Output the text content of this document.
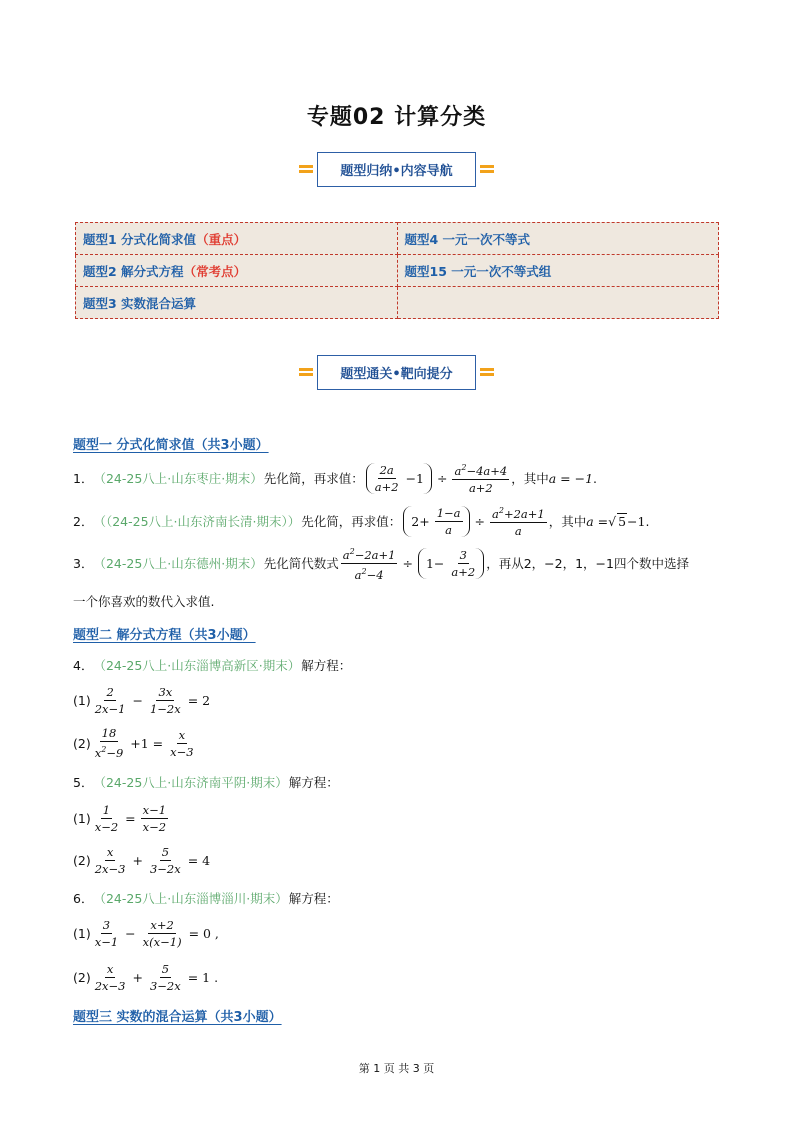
专题02 计算分类
题型归纳•内容导航
题型1 分式化简求值（重点）	题型4 一元一次不等式
题型2 解分式方程（常考点）	题型15 一元一次不等式组
题型3 实数混合运算	
题型通关•靶向提分
题型一 分式化简求值（共3小题）
1． （24-25八上·山东枣庄·期末） 先化简，再求值： $\frac{2a}{a+2} -1 \div \frac{a^2-4a+4}{a+2}$ ，其中 a = −1 .
2． （（24-25八上·山东济南长清·期末）） 先化简，再求值： $2+ \frac{1-a}{a} \div \frac{a^2+2a+1}{a}$ ，其中 a = √ 5 −1 .
3． （24-25八上·山东德州·期末） 先化简代数式 $\frac{a^2-2a+1}{a^2-4} \div 1- \frac{3}{a+2}$ ，再从2，−2，1，−1四个数中选择
一个你喜欢的数代入求值.
题型二 解分式方程（共3小题）
4． （24-25八上·山东淄博高新区·期末） 解方程：
$(1) \frac{2}{2x-1} - \frac{3x}{1-2x} = 2$
$(2) \frac{18}{x^2-9} +1 = \frac{x}{x-3}$
5． （24-25八上·山东济南平阴·期末） 解方程：
$(1) \frac{1}{x-2} = \frac{x-1}{x-2}$
$(2) \frac{x}{2x-3} + \frac{5}{3-2x} = 4$
6． （24-25八上·山东淄博淄川·期末） 解方程：
$(1) \frac{3}{x-1} - \frac{x+2}{x(x-1)} = 0$ ,
$(2) \frac{x}{2x-3} + \frac{5}{3-2x} = 1$ .
题型三 实数的混合运算（共3小题）
第 1 页 共 3 页
